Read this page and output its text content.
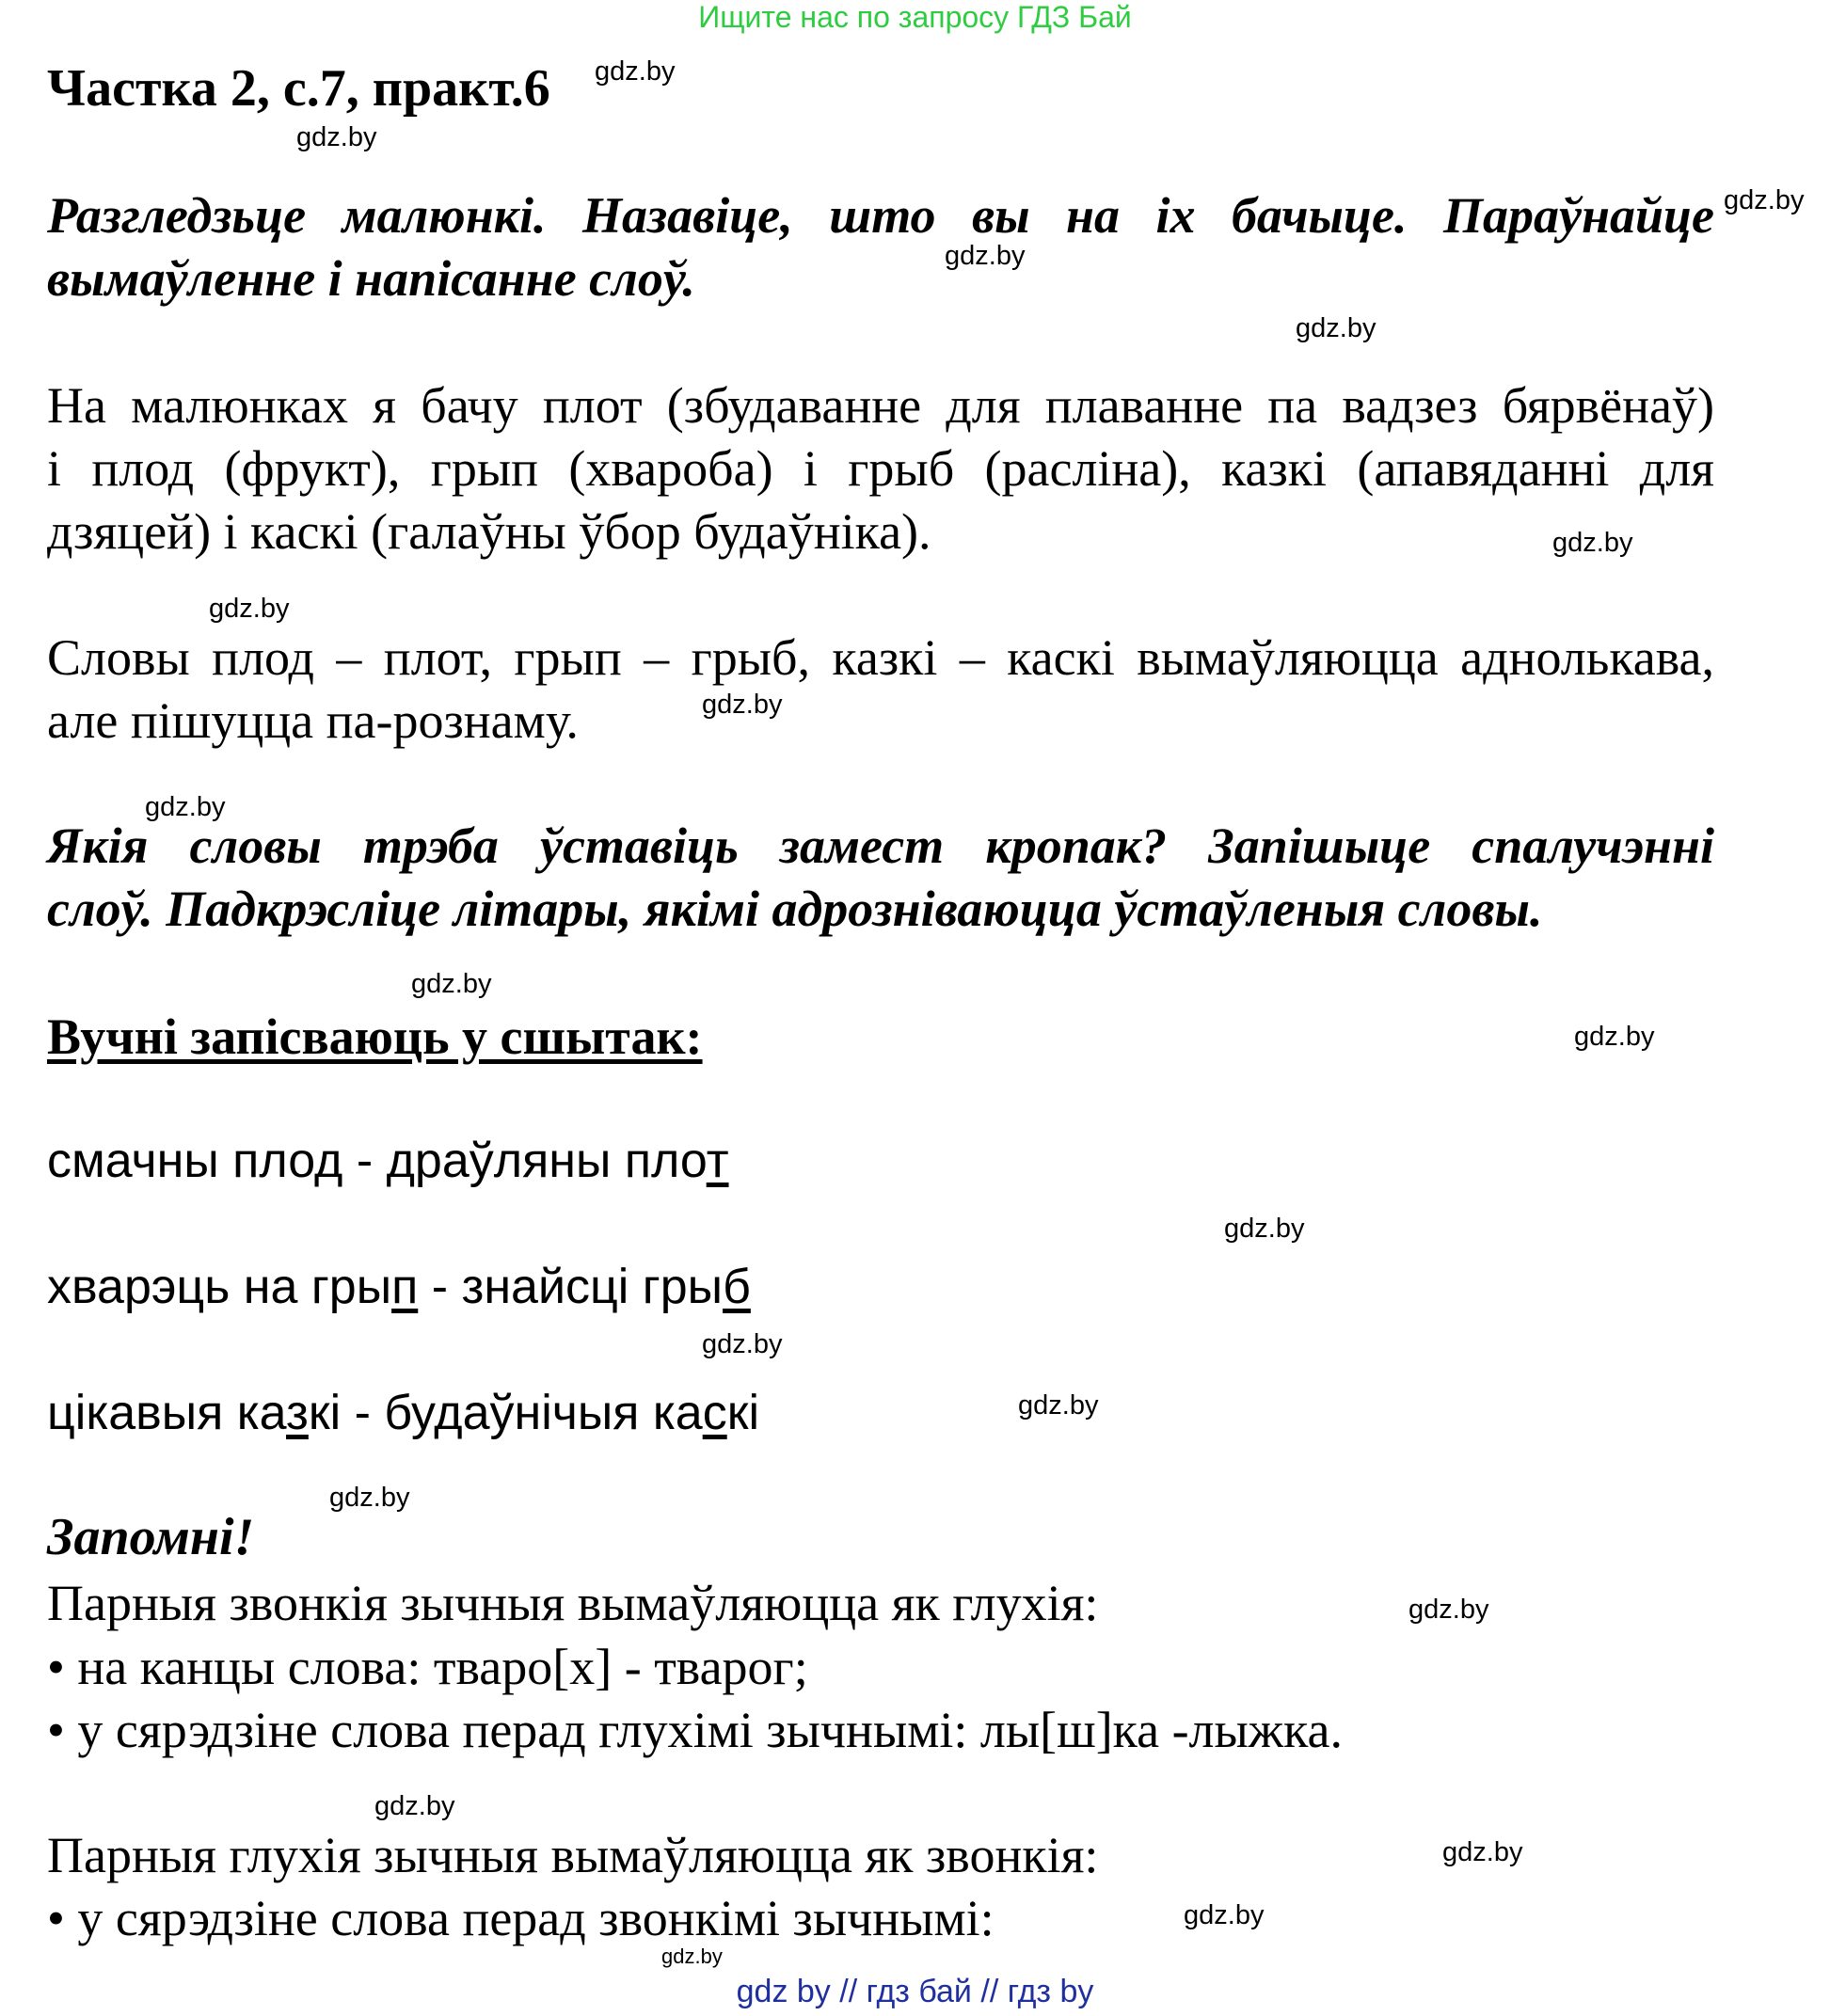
Ищите нас по запросу ГДЗ Бай
Частка 2, с.7, практ.6
Разгледзьце малюнкі. Назавіце, што вы на іх бачыце. Параўнайце
вымаўленне і напісанне слоў.
На малюнках я бачу плот (збудаванне для плаванне па вадзез бярвёнаў)
і плод (фрукт), грып (хвароба) і грыб (расліна), казкі (апавяданні для
дзяцей) і каскі (галаўны ўбор будаўніка).
Словы плод – плот, грып – грыб, казкі – каскі вымаўляюцца аднолькава,
але пішуцца па-рознаму.
Якія словы трэба ўставіць замест кропак? Запішыце спалучэнні
слоў. Падкрэсліце літары, якімі адрозніваюцца ўстаўленыя словы.
Вучні запісваюць у сшытак:
смачны плод - драўляны плот
хварэць на грып - знайсці грыб
цікавыя казкі - будаўнічыя каскі
Запомні!
Парныя звонкія зычныя вымаўляюцца як глухія:
• на канцы слова: тваро[х] - тварог;
• у сярэдзіне слова перад глухімі зычнымі: лы[ш]ка -лыжка.
Парныя глухія зычныя вымаўляюцца як звонкія:
• у сярэдзіне слова перад звонкімі зычнымі:
gdz.by
gdz.by
gdz.by
gdz.by
gdz.by
gdz.by
gdz.by
gdz.by
gdz.by
gdz.by
gdz.by
gdz.by
gdz.by
gdz.by
gdz.by
gdz.by
gdz.by
gdz.by
gdz.by
gdz.by
gdz by // гдз бай // гдз by
